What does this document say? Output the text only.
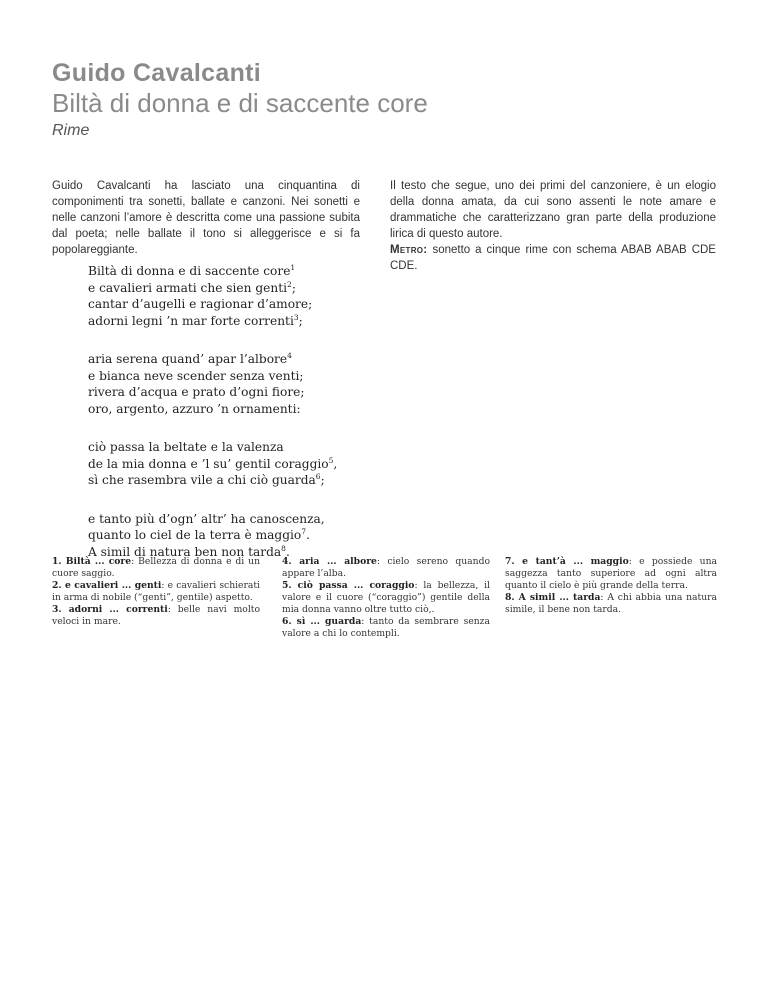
Guido Cavalcanti
Biltà di donna e di saccente core
Rime
Guido Cavalcanti ha lasciato una cinquantina di componimenti tra sonetti, ballate e canzoni. Nei sonetti e nelle canzoni l’amore è descritta come una passione subita dal poeta; nelle ballate il tono si alleggerisce e si fa popolareggiante.
Il testo che segue, uno dei primi del canzoniere, è un elogio della donna amata, da cui sono assenti le note amare e drammatiche che caratterizzano gran parte della produzione lirica di questo autore.
Metro: sonetto a cinque rime con schema ABAB ABAB CDE CDE.
Biltà di donna e di saccente core$^1$
e cavalieri armati che sien genti$^2$;
cantar d’augelli e ragionar d’amore;
adorni legni ’n mar forte correnti$^3$;
aria serena quand’ apar l’albore$^4$
e bianca neve scender senza venti;
rivera d’acqua e prato d’ogni fiore;
oro, argento, azzuro ’n ornamenti:
ciò passa la beltate e la valenza
de la mia donna e ’l su’ gentil coraggio$^5$,
sì che rasembra vile a chi ciò guarda$^6$;
e tanto più d’ogn’ altr’ ha canoscenza,
quanto lo ciel de la terra è maggio$^7$.
A simil di natura ben non tarda$^8$.

1. Biltà ... core: Bellezza di donna e di un cuore saggio.

2. e cavalieri ... genti: e cavalieri schierati in arma di nobile (“genti”, gentile) aspetto.

3. adorni ... correnti: belle navi molto veloci in mare.

4. aria ... albore: cielo sereno quando appare l’alba.

5. ciò passa ... coraggio: la bellezza, il valore e il cuore (“coraggio”) gentile della mia donna vanno oltre tutto ciò,.

6. sì ... guarda: tanto da sembrare senza valore a chi lo contempli.

7. e tant’à ... maggio: e possiede una saggezza tanto superiore ad ogni altra quanto il cielo è più grande della terra.

8. A simil ... tarda: A chi abbia una natura simile, il bene non tarda.
